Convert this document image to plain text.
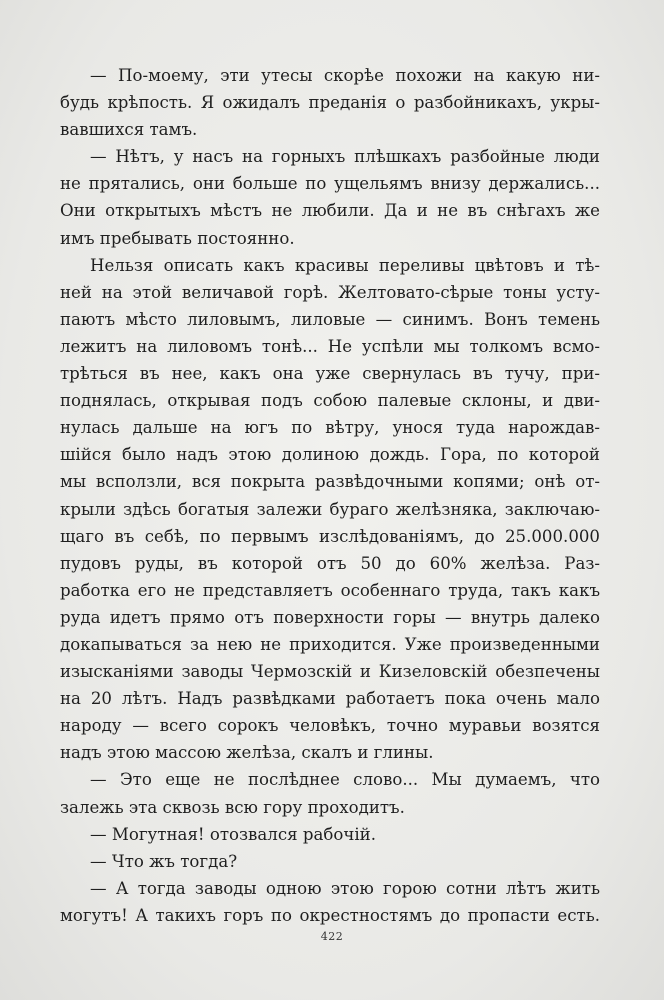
— По-моему, эти утесы скорѣе похожи на какую ни-
будь крѣпость. Я ожидалъ преданія о разбойникахъ, укры-
вавшихся тамъ.

— Нѣтъ, у насъ на горныхъ плѣшкахъ разбойные люди
не прятались, они больше по ущельямъ внизу держались...
Они открытыхъ мѣстъ не любили. Да и не въ снѣгахъ же
имъ пребывать постоянно.

Нельзя описать какъ красивы переливы цвѣтовъ и тѣ-
ней на этой величавой горѣ. Желтовато-сѣрые тоны усту-
паютъ мѣсто лиловымъ, лиловые — синимъ. Вонъ темень
лежитъ на лиловомъ тонѣ... Не успѣли мы толкомъ всмо-
трѣться въ нее, какъ она уже свернулась въ тучу, при-
поднялась, открывая подъ собою палевые склоны, и дви-
нулась дальше на югъ по вѣтру, унося туда нарождав-
шійся было надъ этою долиною дождь. Гора, по которой
мы всползли, вся покрыта развѣдочными копями; онѣ от-
крыли здѣсь богатыя залежи бураго желѣзняка, заключаю-
щаго въ себѣ, по первымъ изслѣдованіямъ, до 25.000.000
пудовъ руды, въ которой отъ 50 до 60% желѣза. Раз-
работка его не представляетъ особеннаго труда, такъ какъ
руда идетъ прямо отъ поверхности горы — внутрь далеко
докапываться за нею не приходится. Уже произведенными
изысканіями заводы Чермозскій и Кизеловскій обезпечены
на 20 лѣтъ. Надъ развѣдками работаетъ пока очень мало
народу — всего сорокъ человѣкъ, точно муравьи возятся
надъ этою массою желѣза, скалъ и глины.

— Это еще не послѣднее слово... Мы думаемъ, что
залежь эта сквозь всю гору проходитъ.

— Могутная! отозвался рабочій.

— Что жъ тогда?

— А тогда заводы одною этою горою сотни лѣтъ жить
могутъ! А такихъ горъ по окрестностямъ до пропасти есть.

422
